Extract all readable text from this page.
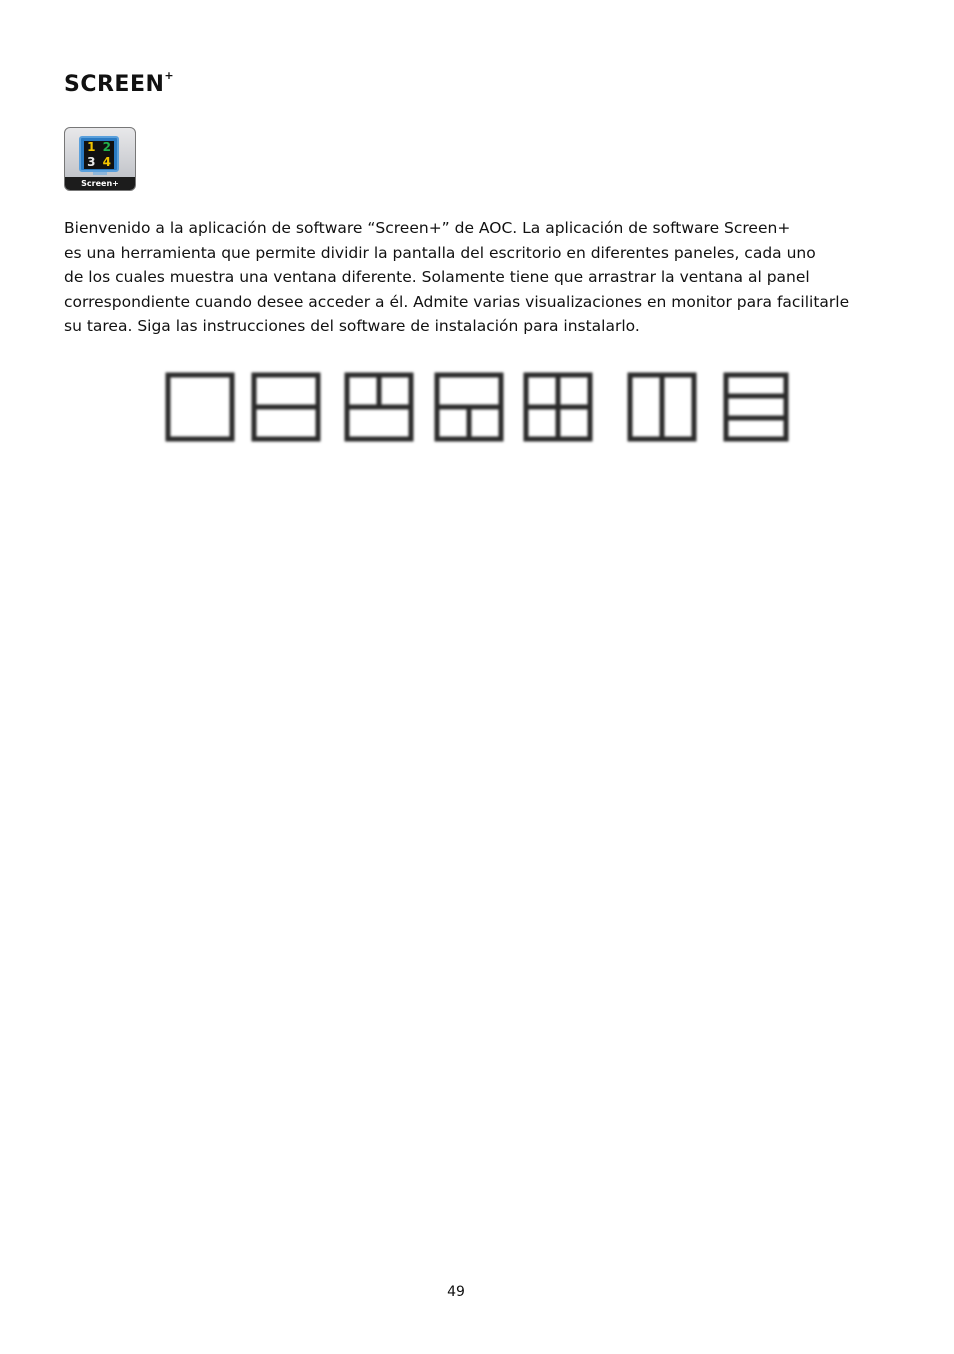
SCREEN+
1 2
3 4
Screen+

Bienvenido a la aplicación de software “Screen+” de AOC. La aplicación de software Screen+
es una herramienta que permite dividir la pantalla del escritorio en diferentes paneles, cada uno
de los cuales muestra una ventana diferente. Solamente tiene que arrastrar la ventana al panel
correspondiente cuando desee acceder a él. Admite varias visualizaciones en monitor para facilitarle
su tarea. Siga las instrucciones del software de instalación para instalarlo.

49
